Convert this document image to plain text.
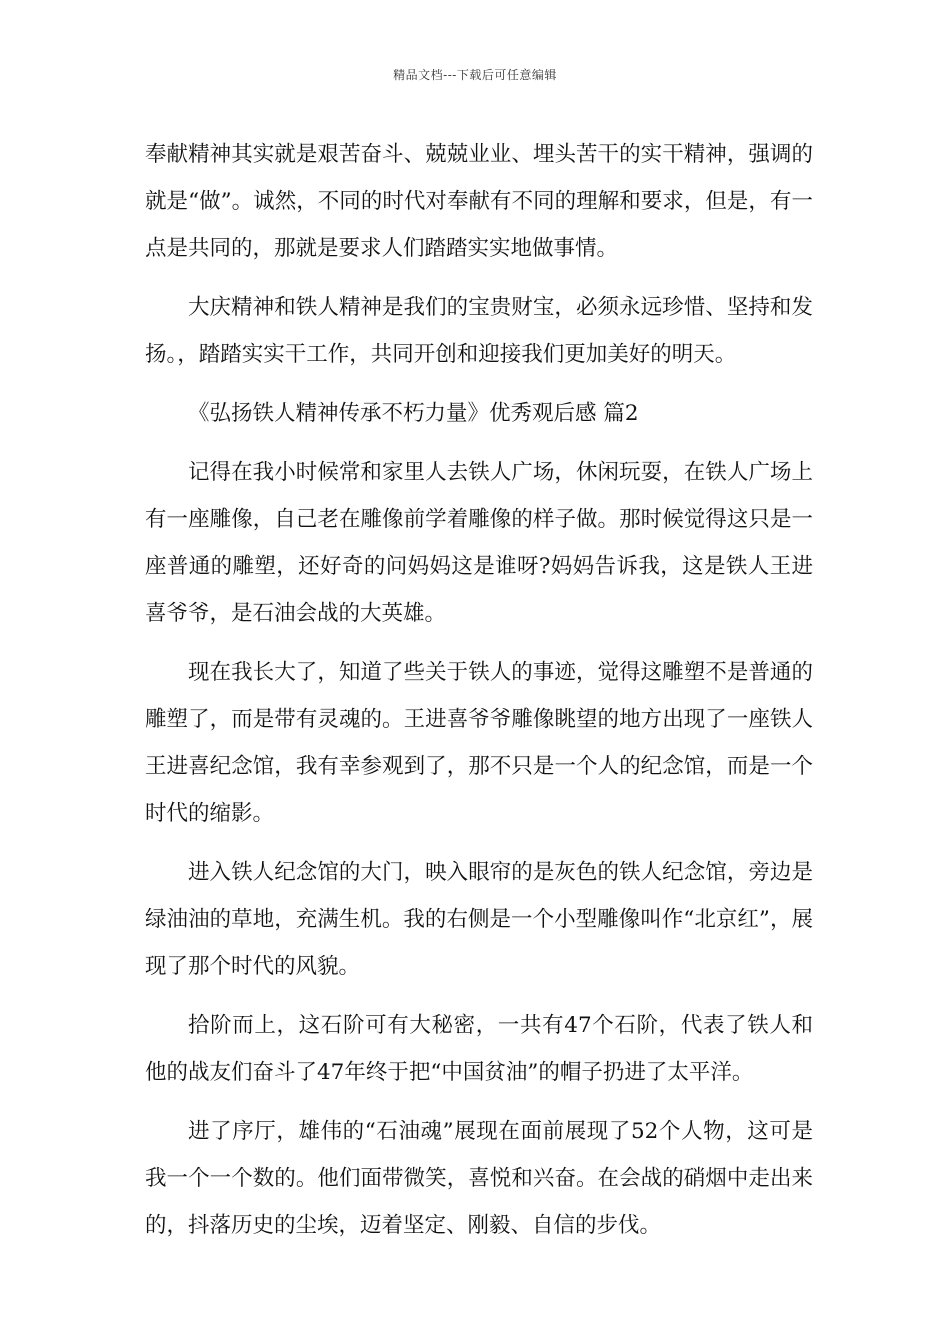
精品文档---下载后可任意编辑

奉献精神其实就是艰苦奋斗、兢兢业业、埋头苦干的实干精神，强调的就是“做”。诚然，不同的时代对奉献有不同的理解和要求，但是，有一点是共同的，那就是要求人们踏踏实实地做事情。

大庆精神和铁人精神是我们的宝贵财宝，必须永远珍惜、坚持和发扬。，踏踏实实干工作，共同开创和迎接我们更加美好的明天。

《弘扬铁人精神传承不朽力量》优秀观后感 篇2

记得在我小时候常和家里人去铁人广场，休闲玩耍，在铁人广场上有一座雕像，自己老在雕像前学着雕像的样子做。那时候觉得这只是一座普通的雕塑，还好奇的问妈妈这是谁呀?妈妈告诉我，这是铁人王进喜爷爷，是石油会战的大英雄。

现在我长大了，知道了些关于铁人的事迹，觉得这雕塑不是普通的雕塑了，而是带有灵魂的。王进喜爷爷雕像眺望的地方出现了一座铁人王进喜纪念馆，我有幸参观到了，那不只是一个人的纪念馆，而是一个时代的缩影。

进入铁人纪念馆的大门，映入眼帘的是灰色的铁人纪念馆，旁边是绿油油的草地，充满生机。我的右侧是一个小型雕像叫作“北京红”，展现了那个时代的风貌。

拾阶而上，这石阶可有大秘密，一共有47个石阶，代表了铁人和他的战友们奋斗了47年终于把“中国贫油”的帽子扔进了太平洋。

进了序厅，雄伟的“石油魂”展现在面前展现了52个人物，这可是我一个一个数的。他们面带微笑，喜悦和兴奋。在会战的硝烟中走出来的，抖落历史的尘埃，迈着坚定、刚毅、自信的步伐。
